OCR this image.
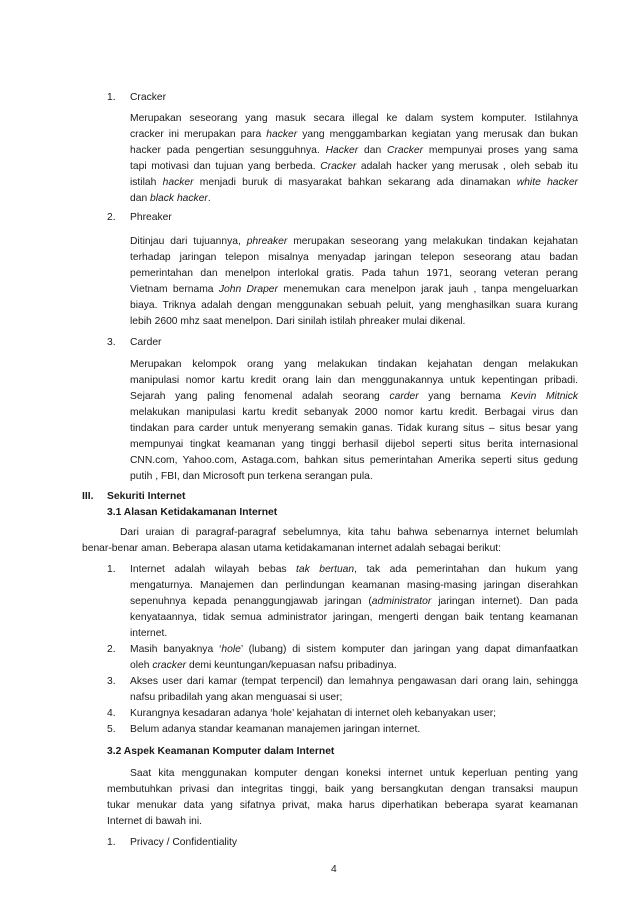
1. Cracker
Merupakan seseorang yang masuk secara illegal ke dalam system komputer. Istilahnya
cracker ini merupakan para hacker yang menggambarkan kegiatan yang merusak dan bukan
hacker pada pengertian sesungguhnya. Hacker dan Cracker mempunyai proses yang sama
tapi motivasi dan tujuan yang berbeda. Cracker adalah hacker yang merusak , oleh sebab itu
istilah hacker menjadi buruk di masyarakat bahkan sekarang ada dinamakan white hacker
dan black hacker.
2. Phreaker
Ditinjau dari tujuannya, phreaker merupakan seseorang yang melakukan tindakan kejahatan
terhadap jaringan telepon misalnya menyadap jaringan telepon seseorang atau badan
pemerintahan dan menelpon interlokal gratis. Pada tahun 1971, seorang veteran perang
Vietnam bernama John Draper menemukan cara menelpon jarak jauh , tanpa mengeluarkan
biaya. Triknya adalah dengan menggunakan sebuah peluit, yang menghasilkan suara kurang
lebih 2600 mhz saat menelpon. Dari sinilah istilah phreaker mulai dikenal.
3. Carder
Merupakan kelompok orang yang melakukan tindakan kejahatan dengan melakukan
manipulasi nomor kartu kredit orang lain dan menggunakannya untuk kepentingan pribadi.
Sejarah yang paling fenomenal adalah seorang carder yang bernama Kevin Mitnick
melakukan manipulasi kartu kredit sebanyak 2000 nomor kartu kredit. Berbagai virus dan
tindakan para carder untuk menyerang semakin ganas. Tidak kurang situs – situs besar yang
mempunyai tingkat keamanan yang tinggi berhasil dijebol seperti situs berita internasional
CNN.com, Yahoo.com, Astaga.com, bahkan situs pemerintahan Amerika seperti situs gedung
putih , FBI, dan Microsoft pun terkena serangan pula.
III. Sekuriti Internet
3.1 Alasan Ketidakamanan Internet
Dari uraian di paragraf-paragraf sebelumnya, kita tahu bahwa sebenarnya internet belumlah
benar-benar aman. Beberapa alasan utama ketidakamanan internet adalah sebagai berikut:
1. Internet adalah wilayah bebas tak bertuan, tak ada pemerintahan dan hukum yang
mengaturnya. Manajemen dan perlindungan keamanan masing-masing jaringan diserahkan
sepenuhnya kepada penanggungjawab jaringan (administrator jaringan internet). Dan pada
kenyataannya, tidak semua administrator jaringan, mengerti dengan baik tentang keamanan
internet.
2. Masih banyaknya ‘hole’ (lubang) di sistem komputer dan jaringan yang dapat dimanfaatkan
oleh cracker demi keuntungan/kepuasan nafsu pribadinya.
3. Akses user dari kamar (tempat terpencil) dan lemahnya pengawasan dari orang lain, sehingga
nafsu pribadilah yang akan menguasai si user;
4. Kurangnya kesadaran adanya ‘hole’ kejahatan di internet oleh kebanyakan user;
5. Belum adanya standar keamanan manajemen jaringan internet.
3.2 Aspek Keamanan Komputer dalam Internet
Saat kita menggunakan komputer dengan koneksi internet untuk keperluan penting yang
membutuhkan privasi dan integritas tinggi, baik yang bersangkutan dengan transaksi maupun
tukar menukar data yang sifatnya privat, maka harus diperhatikan beberapa syarat keamanan
Internet di bawah ini.
1. Privacy / Confidentiality
4
